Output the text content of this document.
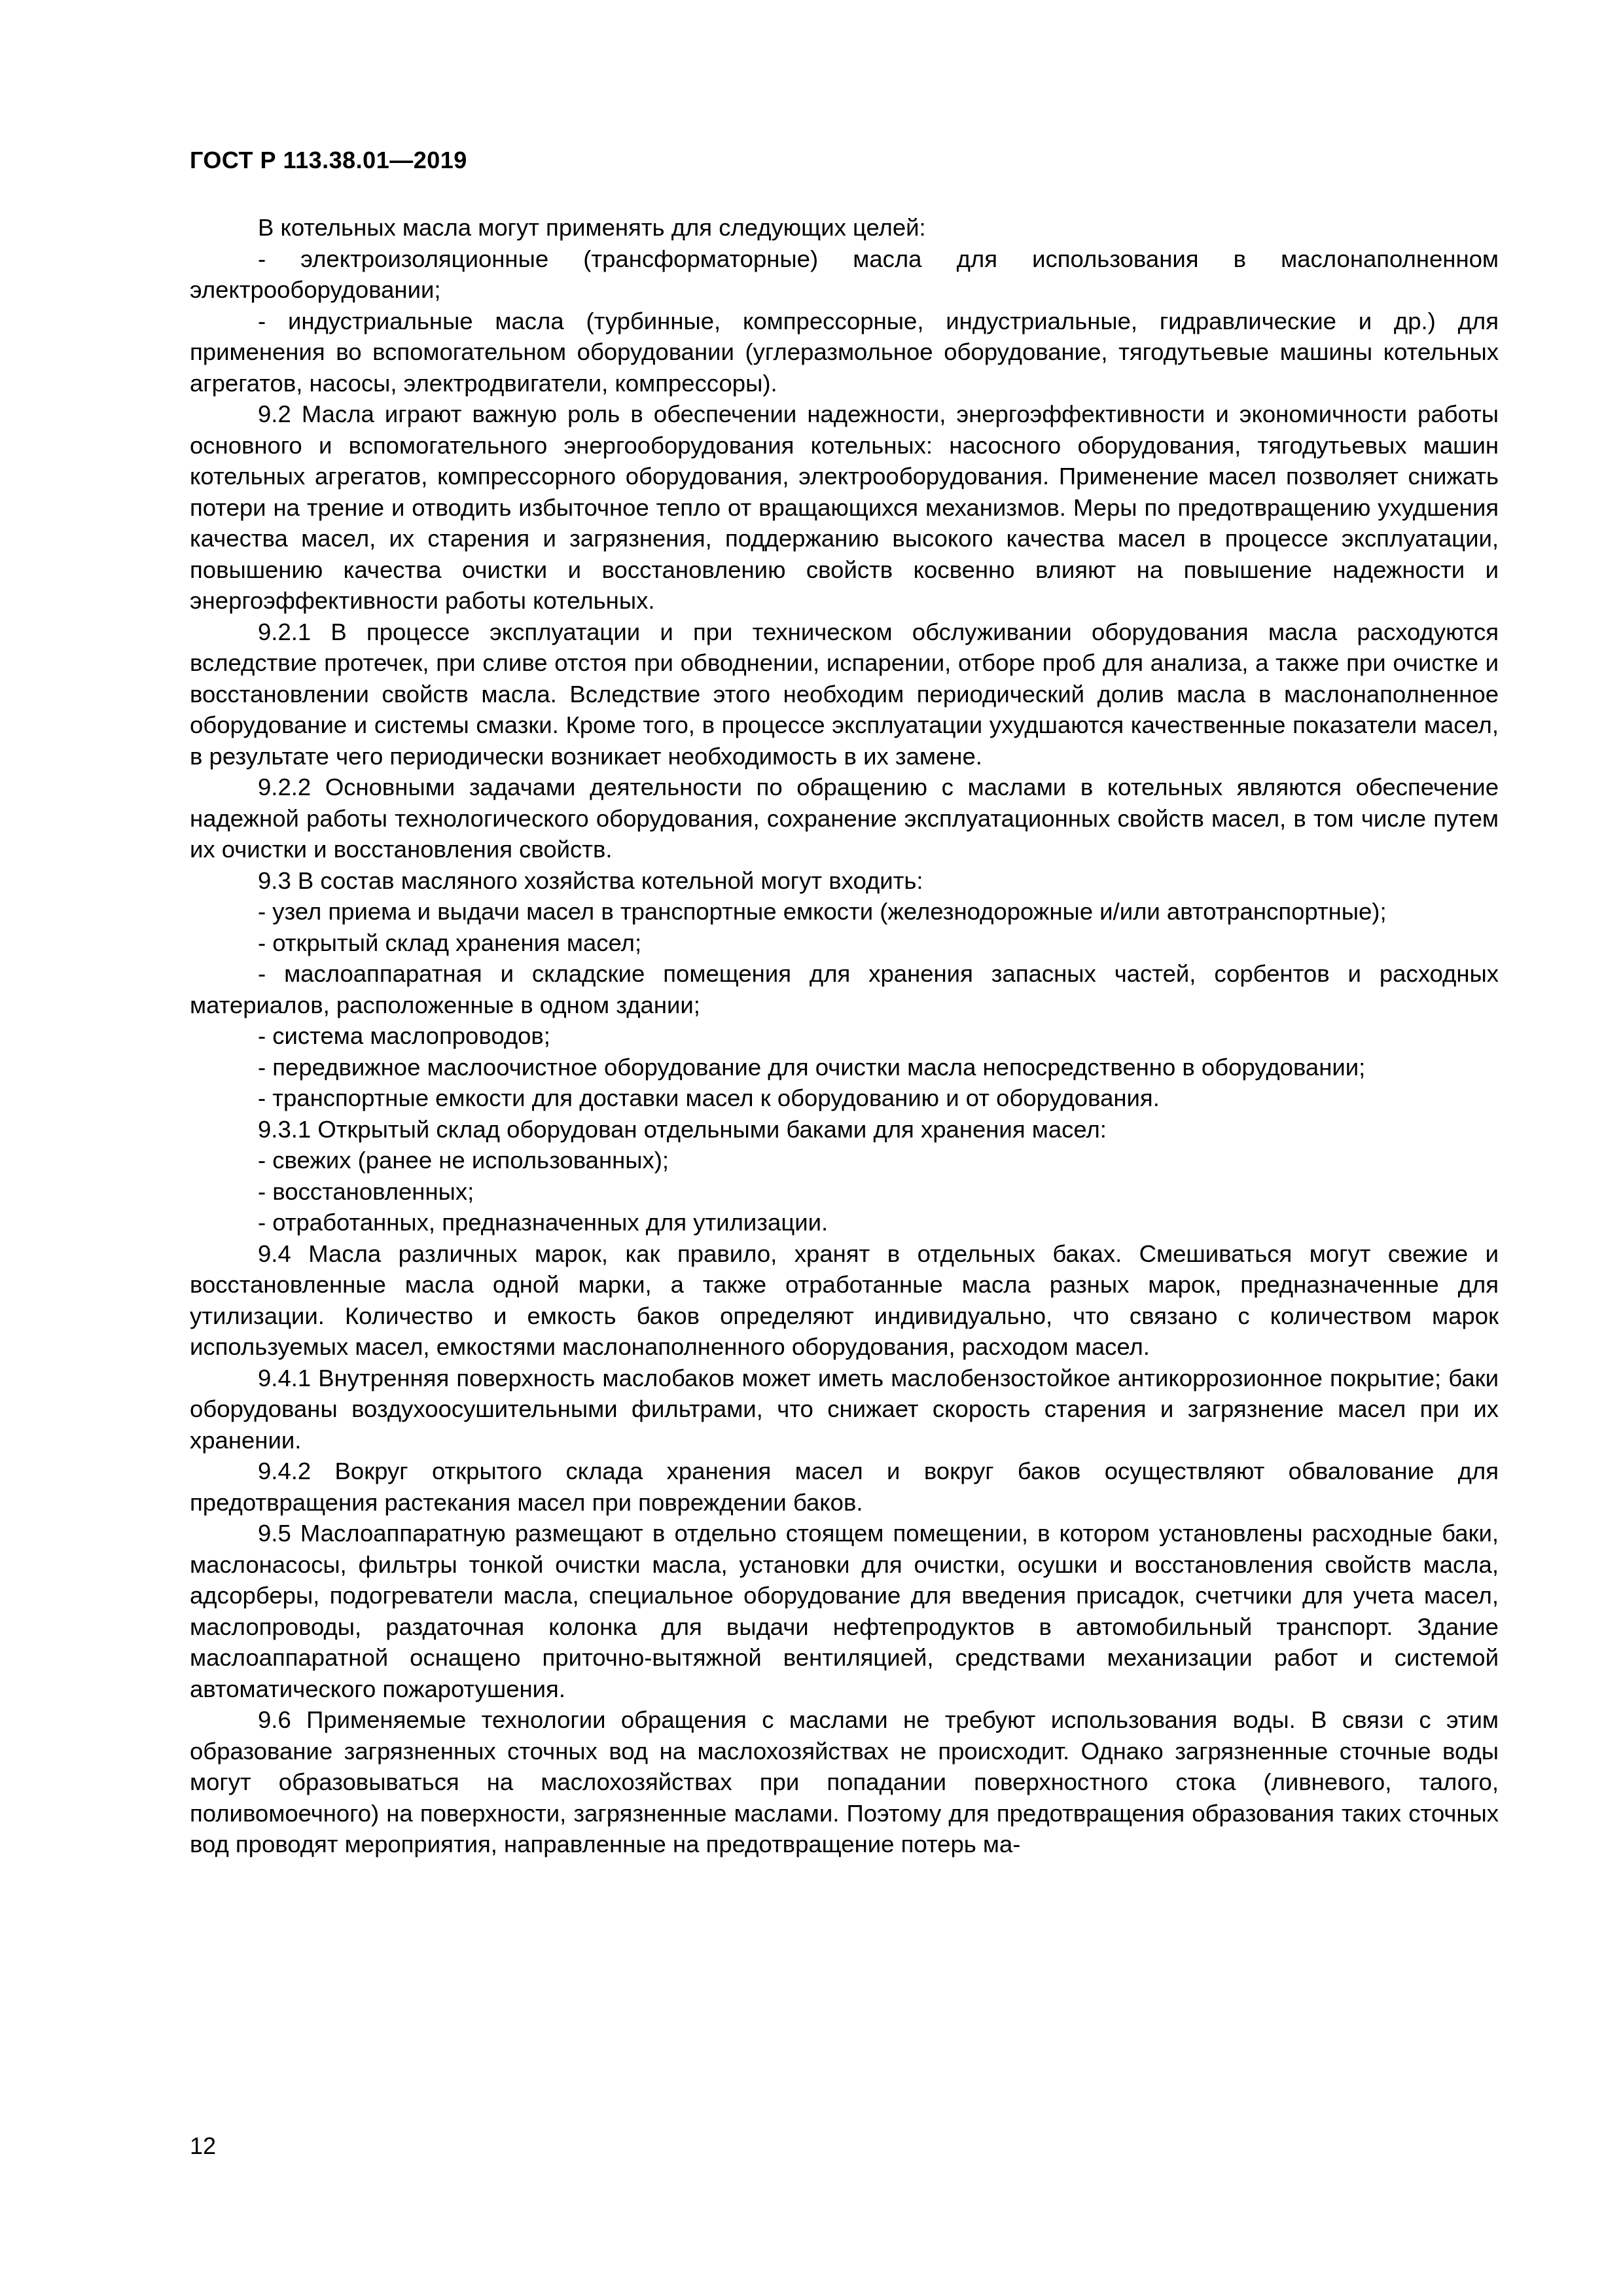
ГОСТ Р 113.38.01—2019

В котельных масла могут применять для следующих целей:

- электроизоляционные (трансформаторные) масла для использования в маслонаполненном электрооборудовании;

- индустриальные масла (турбинные, компрессорные, индустриальные, гидравлические и др.) для применения во вспомогательном оборудовании (углеразмольное оборудование, тягодутьевые машины котельных агрегатов, насосы, электродвигатели, компрессоры).

9.2 Масла играют важную роль в обеспечении надежности, энергоэффективности и экономичности работы основного и вспомогательного энергооборудования котельных: насосного оборудования, тягодутьевых машин котельных агрегатов, компрессорного оборудования, электрооборудования. Применение масел позволяет снижать потери на трение и отводить избыточное тепло от вращающихся механизмов. Меры по предотвращению ухудшения качества масел, их старения и загрязнения, поддержанию высокого качества масел в процессе эксплуатации, повышению качества очистки и восстановлению свойств косвенно влияют на повышение надежности и энергоэффективности работы котельных.

9.2.1 В процессе эксплуатации и при техническом обслуживании оборудования масла расходуются вследствие протечек, при сливе отстоя при обводнении, испарении, отборе проб для анализа, а также при очистке и восстановлении свойств масла. Вследствие этого необходим периодический долив масла в маслонаполненное оборудование и системы смазки. Кроме того, в процессе эксплуатации ухудшаются качественные показатели масел, в результате чего периодически возникает необходимость в их замене.

9.2.2 Основными задачами деятельности по обращению с маслами в котельных являются обеспечение надежной работы технологического оборудования, сохранение эксплуатационных свойств масел, в том числе путем их очистки и восстановления свойств.

9.3 В состав масляного хозяйства котельной могут входить:

- узел приема и выдачи масел в транспортные емкости (железнодорожные и/или автотранспортные);

- открытый склад хранения масел;

- маслоаппаратная и складские помещения для хранения запасных частей, сорбентов и расходных материалов, расположенные в одном здании;

- система маслопроводов;

- передвижное маслоочистное оборудование для очистки масла непосредственно в оборудовании;

- транспортные емкости для доставки масел к оборудованию и от оборудования.

9.3.1 Открытый склад оборудован отдельными баками для хранения масел:

- свежих (ранее не использованных);

- восстановленных;

- отработанных, предназначенных для утилизации.

9.4 Масла различных марок, как правило, хранят в отдельных баках. Смешиваться могут свежие и восстановленные масла одной марки, а также отработанные масла разных марок, предназначенные для утилизации. Количество и емкость баков определяют индивидуально, что связано с количеством марок используемых масел, емкостями маслонаполненного оборудования, расходом масел.

9.4.1 Внутренняя поверхность маслобаков может иметь маслобензостойкое антикоррозионное покрытие; баки оборудованы воздухоосушительными фильтрами, что снижает скорость старения и загрязнение масел при их хранении.

9.4.2 Вокруг открытого склада хранения масел и вокруг баков осуществляют обвалование для предотвращения растекания масел при повреждении баков.

9.5 Маслоаппаратную размещают в отдельно стоящем помещении, в котором установлены расходные баки, маслонасосы, фильтры тонкой очистки масла, установки для очистки, осушки и восстановления свойств масла, адсорберы, подогреватели масла, специальное оборудование для введения присадок, счетчики для учета масел, маслопроводы, раздаточная колонка для выдачи нефтепродуктов в автомобильный транспорт. Здание маслоаппаратной оснащено приточно-вытяжной вентиляцией, средствами механизации работ и системой автоматического пожаротушения.

9.6 Применяемые технологии обращения с маслами не требуют использования воды. В связи с этим образование загрязненных сточных вод на маслохозяйствах не происходит. Однако загрязненные сточные воды могут образовываться на маслохозяйствах при попадании поверхностного стока (ливневого, талого, поливомоечного) на поверхности, загрязненные маслами. Поэтому для предотвращения образования таких сточных вод проводят мероприятия, направленные на предотвращение потерь ма-

12
